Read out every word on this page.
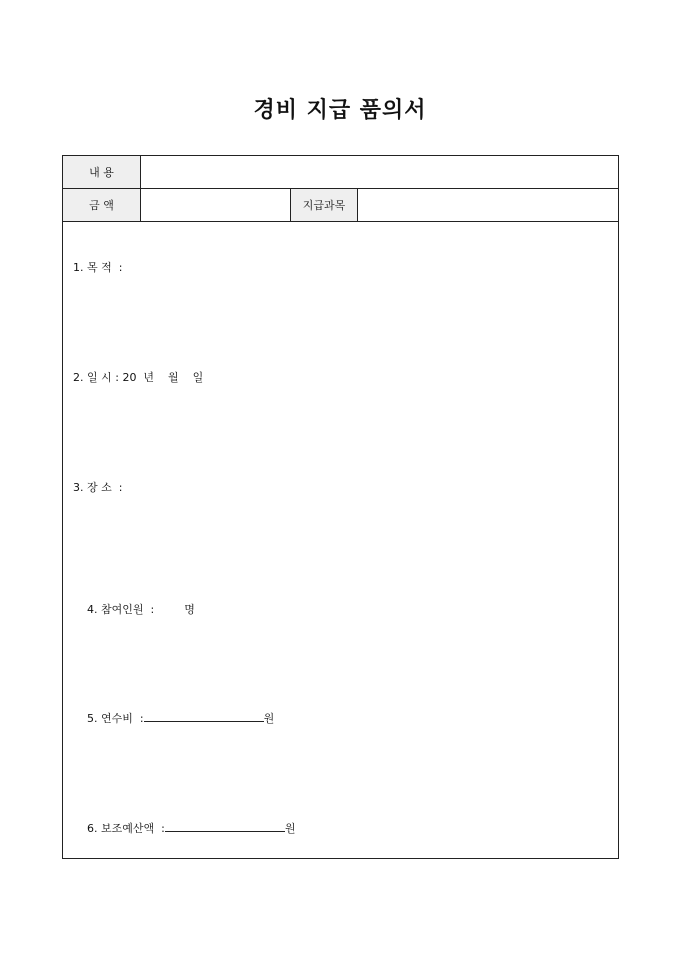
경비 지급 품의서
내 용
금 액	지급과목
1. 목 적  :
2. 일 시 : 20  년    월    일
3. 장 소  :

4. 참여인원  :	명

5. 연수비  :	원

6. 보조예산액  :	원
